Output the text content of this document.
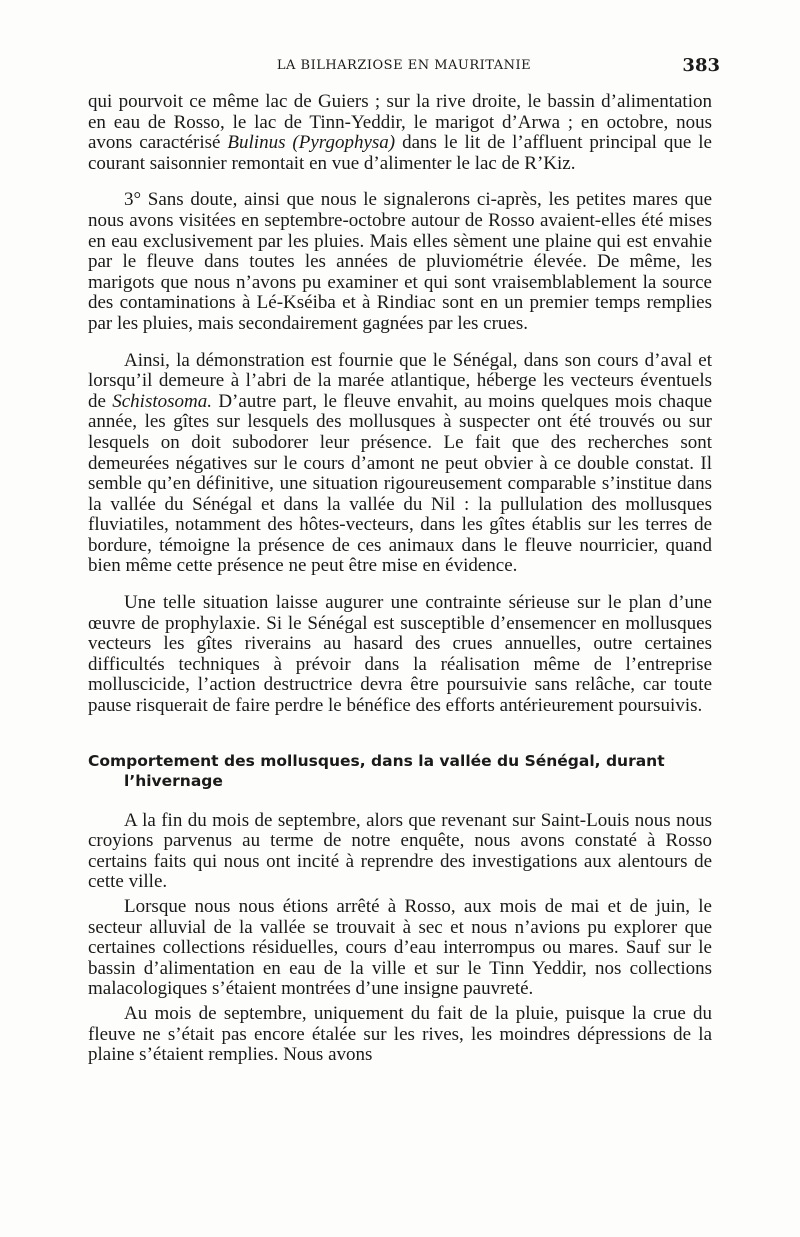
LA BILHARZIOSE EN MAURITANIE	383

qui pourvoit ce même lac de Guiers ; sur la rive droite, le bassin d’alimentation en eau de Rosso, le lac de Tinn-Yeddir, le marigot d’Arwa ; en octobre, nous avons caractérisé Bulinus (Pyrgophysa) dans le lit de l’affluent principal que le courant saisonnier remontait en vue d’alimenter le lac de R’Kiz.

3° Sans doute, ainsi que nous le signalerons ci-après, les petites mares que nous avons visitées en septembre-octobre autour de Rosso avaient-elles été mises en eau exclusivement par les pluies. Mais elles sèment une plaine qui est envahie par le fleuve dans toutes les années de pluviométrie élevée. De même, les marigots que nous n’avons pu examiner et qui sont vraisemblablement la source des contaminations à Lé-Kséiba et à Rindiac sont en un premier temps remplies par les pluies, mais secondairement gagnées par les crues.

Ainsi, la démonstration est fournie que le Sénégal, dans son cours d’aval et lorsqu’il demeure à l’abri de la marée atlantique, héberge les vecteurs éventuels de Schistosoma. D’autre part, le fleuve envahit, au moins quelques mois chaque année, les gîtes sur lesquels des mollusques à suspecter ont été trouvés ou sur lesquels on doit subodorer leur présence. Le fait que des recherches sont demeurées négatives sur le cours d’amont ne peut obvier à ce double constat. Il semble qu’en définitive, une situation rigoureusement comparable s’institue dans la vallée du Sénégal et dans la vallée du Nil : la pullulation des mollusques fluviatiles, notamment des hôtes-vecteurs, dans les gîtes établis sur les terres de bordure, témoigne la présence de ces animaux dans le fleuve nourricier, quand bien même cette présence ne peut être mise en évidence.

Une telle situation laisse augurer une contrainte sérieuse sur le plan d’une œuvre de prophylaxie. Si le Sénégal est susceptible d’ensemencer en mollusques vecteurs les gîtes riverains au hasard des crues annuelles, outre certaines difficultés techniques à prévoir dans la réalisation même de l’entreprise molluscicide, l’action destructrice devra être poursuivie sans relâche, car toute pause risquerait de faire perdre le bénéfice des efforts antérieurement poursuivis.

Comportement des mollusques, dans la vallée du Sénégal, durant
l’hivernage

A la fin du mois de septembre, alors que revenant sur Saint-Louis nous nous croyions parvenus au terme de notre enquête, nous avons constaté à Rosso certains faits qui nous ont incité à reprendre des investigations aux alentours de cette ville.

Lorsque nous nous étions arrêté à Rosso, aux mois de mai et de juin, le secteur alluvial de la vallée se trouvait à sec et nous n’avions pu explorer que certaines collections résiduelles, cours d’eau interrompus ou mares. Sauf sur le bassin d’alimentation en eau de la ville et sur le Tinn Yeddir, nos collections malacologiques s’étaient montrées d’une insigne pauvreté.

Au mois de septembre, uniquement du fait de la pluie, puisque la crue du fleuve ne s’était pas encore étalée sur les rives, les moindres dépressions de la plaine s’étaient remplies. Nous avons
